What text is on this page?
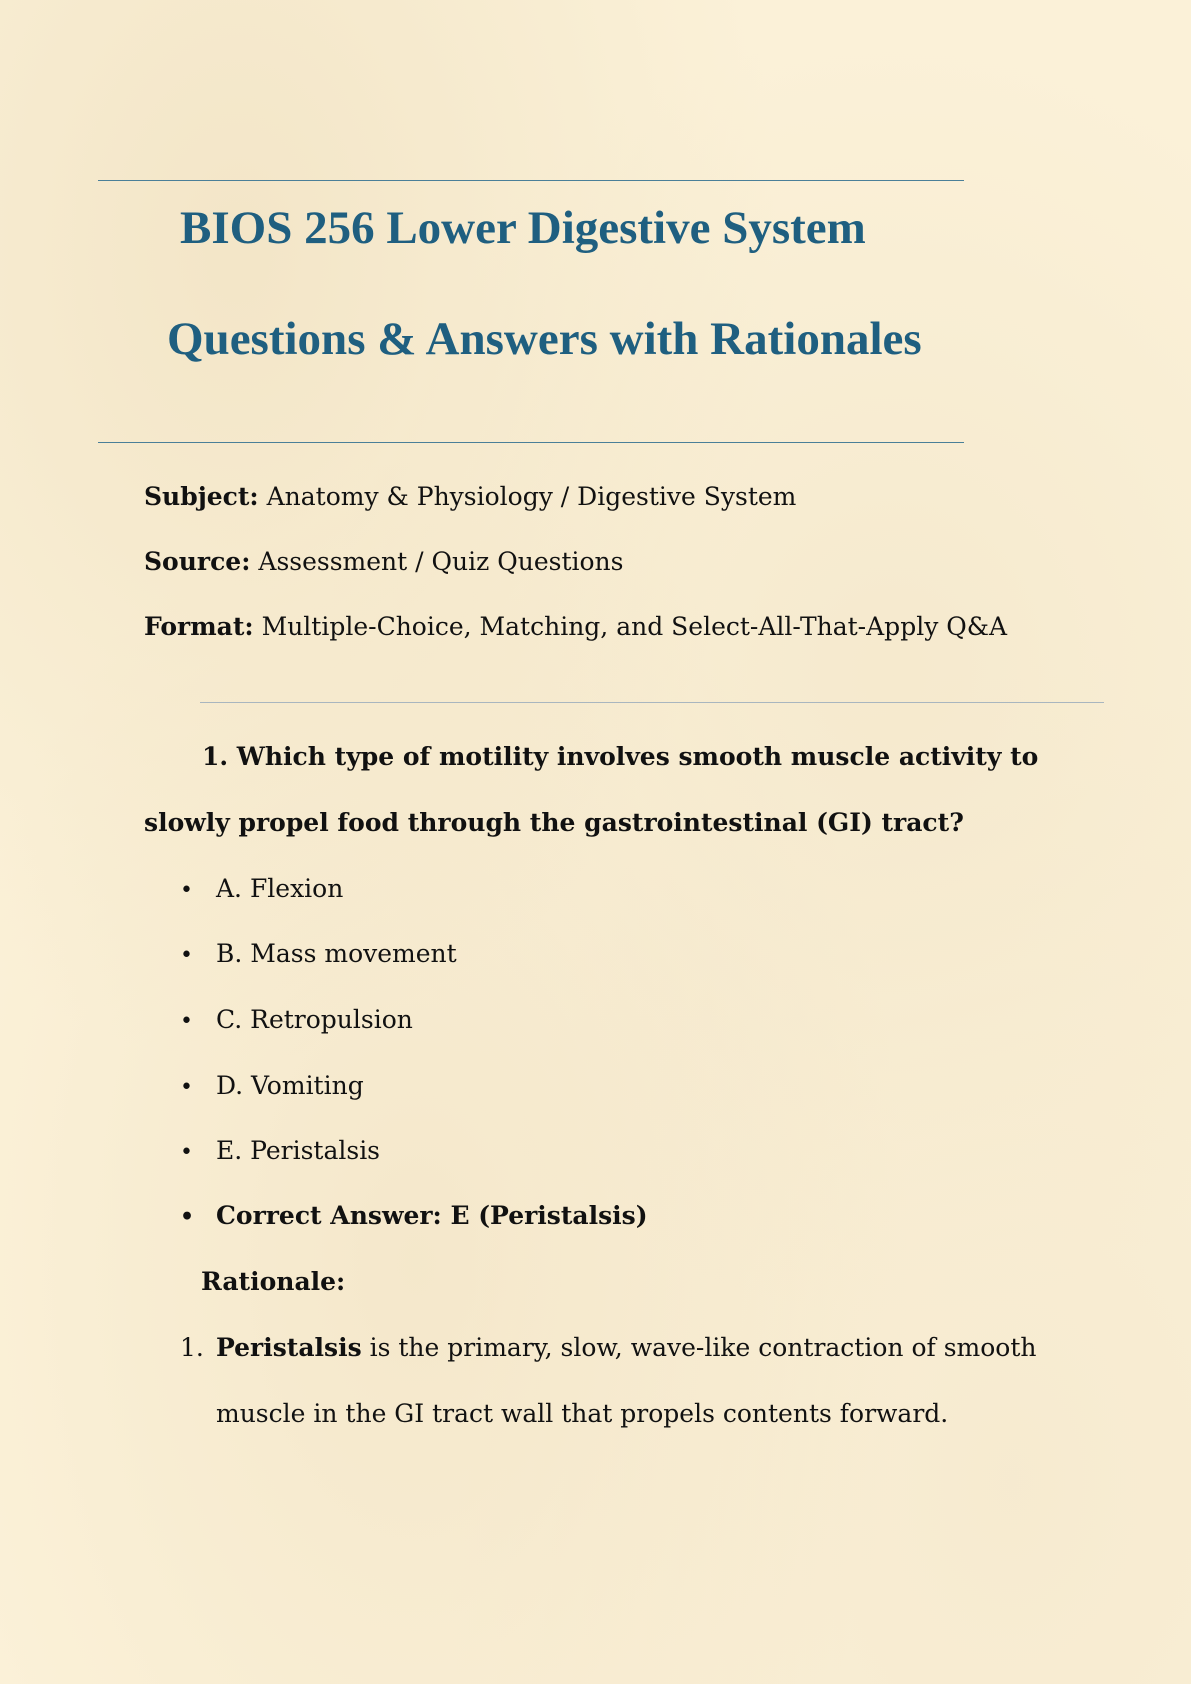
BIOS 256 Lower Digestive System
Questions & Answers with Rationales
Subject: Anatomy & Physiology / Digestive System
Source: Assessment / Quiz Questions
Format: Multiple-Choice, Matching, and Select-All-That-Apply Q&A
1. Which type of motility involves smooth muscle activity to
slowly propel food through the gastrointestinal (GI) tract?
• A. Flexion
• B. Mass movement
• C. Retropulsion
• D. Vomiting
• E. Peristalsis
• Correct Answer: E (Peristalsis)
Rationale:
1. Peristalsis is the primary, slow, wave-like contraction of smooth
muscle in the GI tract wall that propels contents forward.
